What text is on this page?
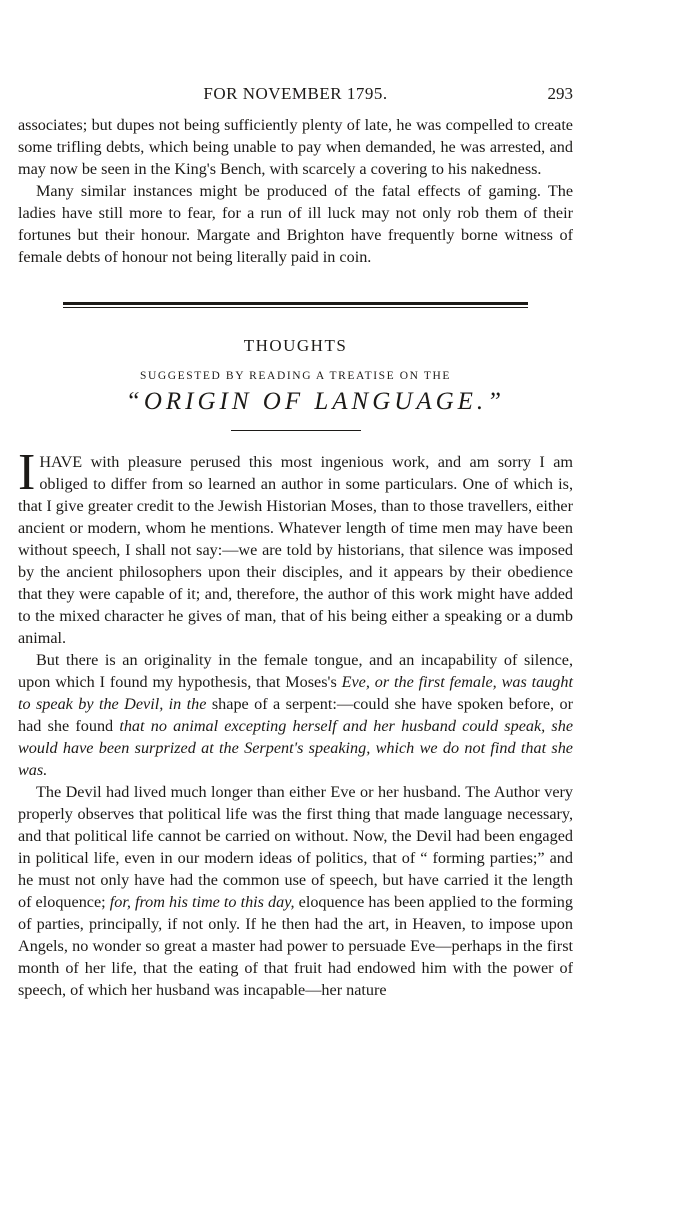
FOR NOVEMBER 1795.	293

associates; but dupes not being sufficiently plenty of late, he was compelled to create some trifling debts, which being unable to pay when demanded, he was arrested, and may now be seen in the King's Bench, with scarcely a covering to his nakedness.

Many similar instances might be produced of the fatal effects of gaming. The ladies have still more to fear, for a run of ill luck may not only rob them of their fortunes but their honour. Margate and Brighton have frequently borne witness of female debts of honour not being literally paid in coin.

THOUGHTS
SUGGESTED BY READING A TREATISE ON THE
“ORIGIN OF LANGUAGE.”

IHAVE with pleasure perused this most ingenious work, and am sorry I am obliged to differ from so learned an author in some particulars. One of which is, that I give greater credit to the Jewish Historian Moses, than to those travellers, either ancient or modern, whom he mentions. Whatever length of time men may have been without speech, I shall not say:—we are told by historians, that silence was imposed by the ancient philosophers upon their disciples, and it appears by their obedience that they were capable of it; and, therefore, the author of this work might have added to the mixed character he gives of man, that of his being either a speaking or a dumb animal.

But there is an originality in the female tongue, and an incapability of silence, upon which I found my hypothesis, that Moses's Eve, or the first female, was taught to speak by the Devil, in the shape of a serpent:—could she have spoken before, or had she found that no animal excepting herself and her husband could speak, she would have been surprized at the Serpent's speaking, which we do not find that she was.

The Devil had lived much longer than either Eve or her husband. The Author very properly observes that political life was the first thing that made language necessary, and that political life cannot be carried on without. Now, the Devil had been engaged in political life, even in our modern ideas of politics, that of “ forming parties;” and he must not only have had the common use of speech, but have carried it the length of eloquence; for, from his time to this day, eloquence has been applied to the forming of parties, principally, if not only. If he then had the art, in Heaven, to impose upon Angels, no wonder so great a master had power to persuade Eve—perhaps in the first month of her life, that the eating of that fruit had endowed him with the power of speech, of which her husband was incapable—her nature
